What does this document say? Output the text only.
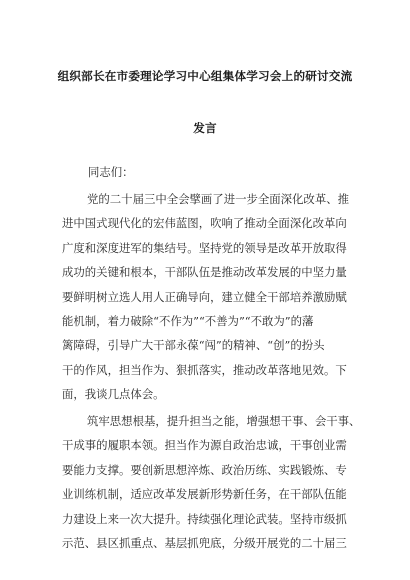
组织部长在市委理论学习中心组集体学习会上的研讨交流
发言
同志们：
党的二十届三中全会擘画了进一步全面深化改革、推
进中国式现代化的宏伟蓝图，吹响了推动全面深化改革向
广度和深度进军的集结号。坚持党的领导是改革开放取得
成功的关键和根本，干部队伍是推动改革发展的中坚力量
要鲜明树立选人用人正确导向，建立健全干部培养激励赋
能机制，着力破除“不作为”“不善为”“不敢为”的藩
篱障碍，引导广大干部永葆“闯”的精神、“创”的扮头
干的作风，担当作为、狠抓落实，推动改革落地见效。下
面，我谈几点体会。
筑牢思想根基，提升担当之能，增强想干事、会干事、
干成事的履职本领。担当作为源自政治忠诚，干事创业需
要能力支撑。要创新思想淬炼、政治历练、实践锻炼、专
业训练机制，适应改革发展新形势新任务，在干部队伍能
力建设上来一次大提升。持续强化理论武装。坚持市级抓
示范、县区抓重点、基层抓兜底，分级开展党的二十届三
